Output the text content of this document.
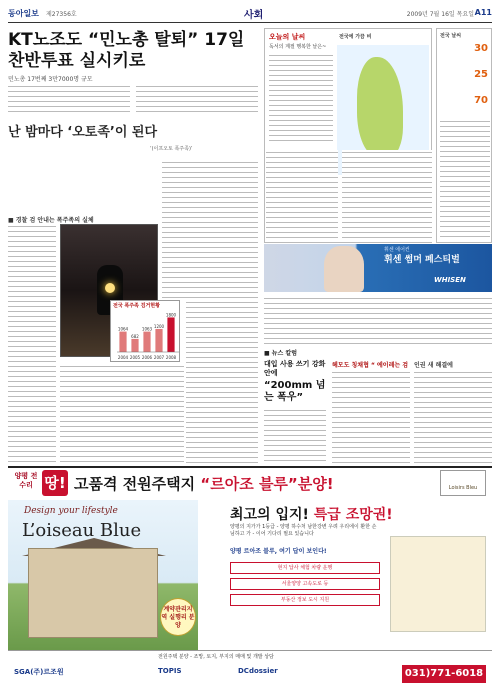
동아일보 제27356호	사회	2009년 7월 16일 목요일 A11
KT노조도 “민노총 탈퇴” 17일 찬반투표 실시키로
민노총 17번째 3만7000명 규모
난 밤마다 ‘오토족’이 된다
‘(이프오토 폭주족)’
■ 경찰 검 안내는 폭주족의 실체
전국 폭주족 검거현황
1064
2004
682
2005
1063
2006
1200
2007
1800
2008
오늘의 날씨
독서의 계절 행복한 날은~
전국에 가끔 비	전국 날씨
30
25
70
휘센 에어컨
휘센 썸머 페스티벌
WHISEN
■ 뉴스 칼럼
대입 사용 쓰기 강화안에
“200mm 넘는 폭우”
헤모도 칭채협 “ 에이레는 검 인권 새 해결에
양평 전수리 땅! 고품격 전원주택지 “르아조 블루”분양!	Loisirs Bleu
Design your lifestyle
L’oiseau Blue
계약관리지역 실행리 분양
최고의 입지! 특급 조망권!
양평의 지가가 1등급 - 양평 하수처 남한강변 우려 우리에이 환한 손님하고 가 - 이어 기다리 필요 있습니다
양평 르아조 블루, 여기 답이 보인다!
현지 답사 체험 차량 운행
서울양양 고속도로 등
부동산 정보 도시 지원
전원주택 분양 - 조망, 토지, 부지의 매매 및 개발 상담
SGA(주)르조원	TOPIS	DCdossier	031)771-6018
